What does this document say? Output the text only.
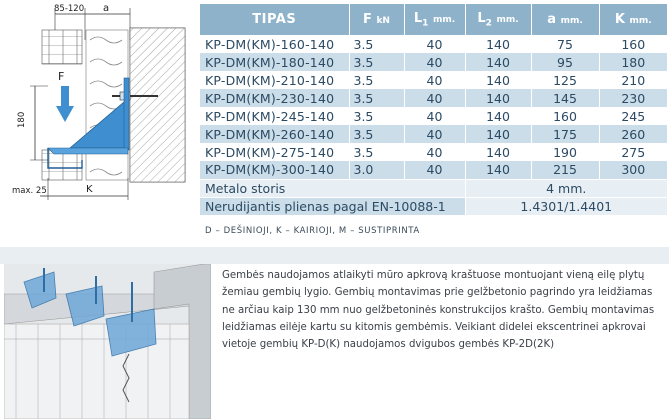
85-120 a
F
180
max. 25	K
TIPAS	F kN	$L_1$ mm.	$L_2$ mm.	a mm.	K mm.
KP-DM(KM)-160-140	3.5	40	140	75	160
KP-DM(KM)-180-140	3.5	40	140	95	180
KP-DM(KM)-210-140	3.5	40	140	125	210
KP-DM(KM)-230-140	3.5	40	140	145	230
KP-DM(KM)-245-140	3.5	40	140	160	245
KP-DM(KM)-260-140	3.5	40	140	175	260
KP-DM(KM)-275-140	3.5	40	140	190	275
KP-DM(KM)-300-140	3.0	40	140	215	300
Metalo storis			4 mm.		
Nerudijantis plienas pagal EN-10088-1			1.4301/1.4401		
D – DEŠINIOJI, K – KAIRIOJI, M – SUSTIPRINTA

Gembės naudojamos atlaikyti mūro apkrovą kraštuose montuojant vieną eilę plytų žemiau gembių lygio. Gembių montavimas prie gelžbetonio pagrindo yra leidžiamas ne arčiau kaip 130 mm nuo gelžbetoninės konstrukcijos krašto. Gembių montavimas leidžiamas eilėje kartu su kitomis gembėmis. Veikiant didelei ekscentrinei apkrovai vietoje gembių KP-D(K) naudojamos dvigubos gembės KP-2D(2K)
